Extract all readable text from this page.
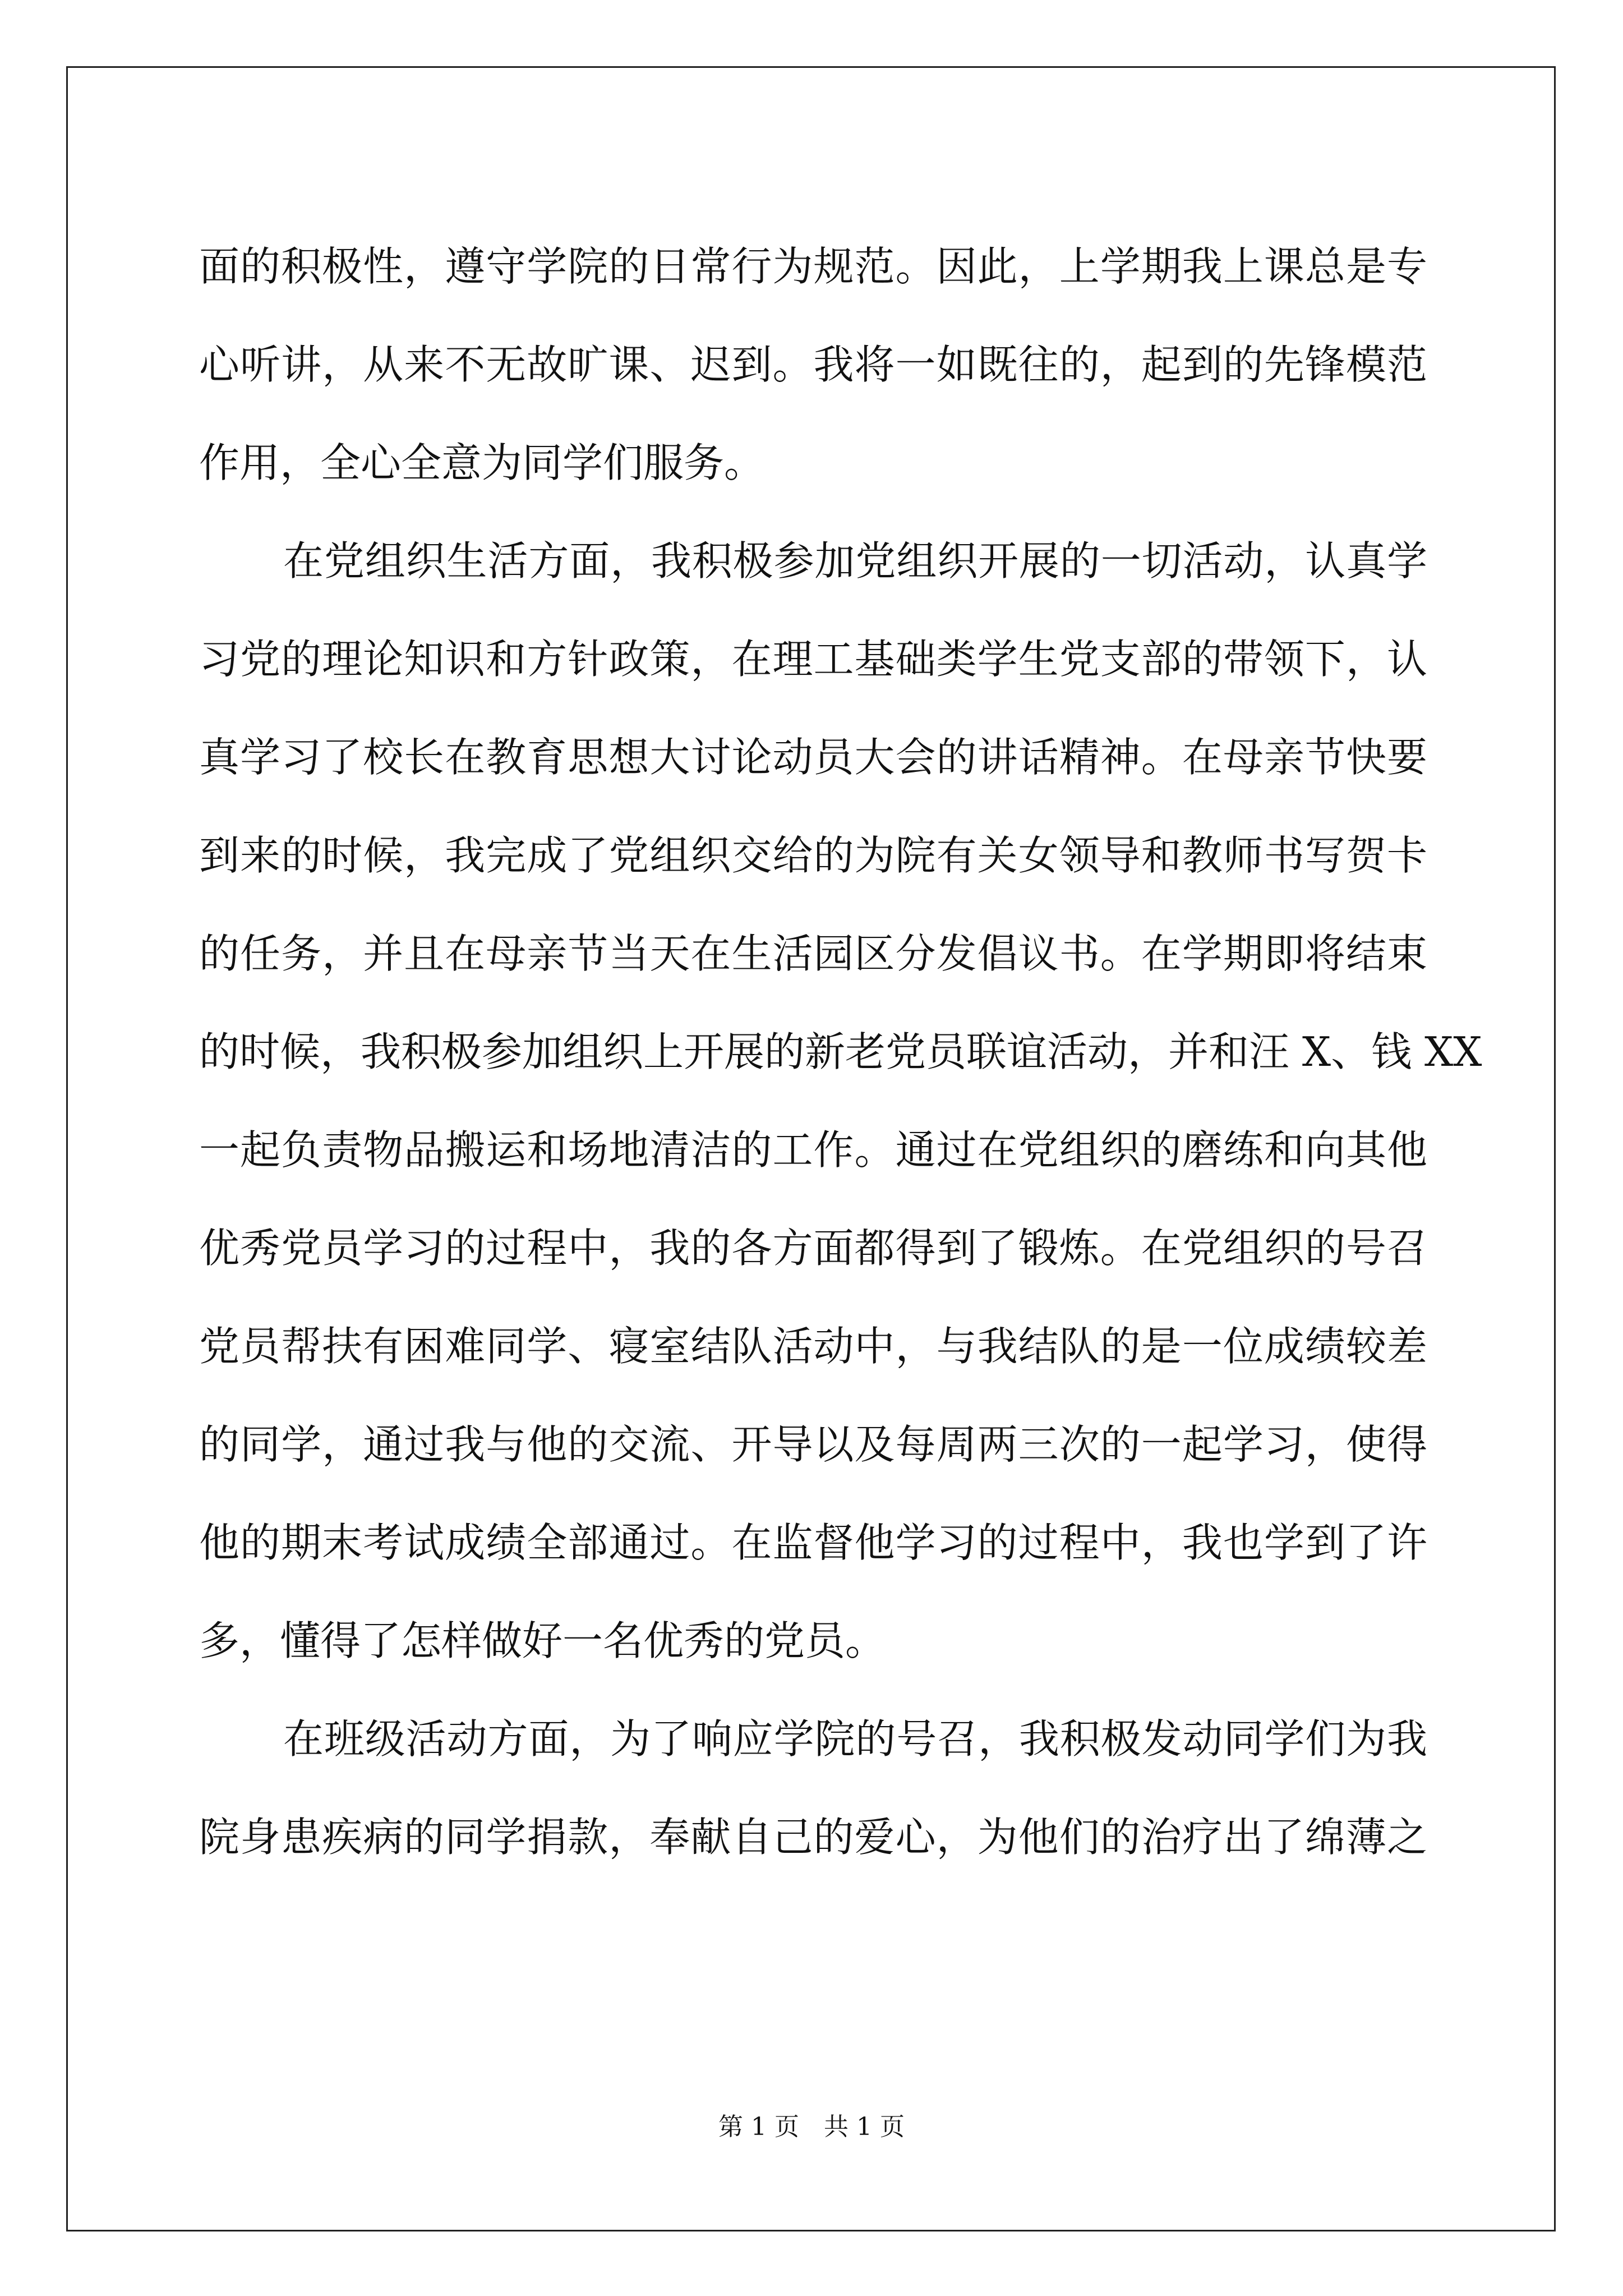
面的积极性，遵守学院的日常行为规范。因此，上学期我上课总是专
心听讲，从来不无故旷课、迟到。我将一如既往的，起到的先锋模范
作用，全心全意为同学们服务。
在党组织生活方面，我积极参加党组织开展的一切活动，认真学
习党的理论知识和方针政策，在理工基础类学生党支部的带领下，认
真学习了校长在教育思想大讨论动员大会的讲话精神。在母亲节快要
到来的时候，我完成了党组织交给的为院有关女领导和教师书写贺卡
的任务，并且在母亲节当天在生活园区分发倡议书。在学期即将结束
的时候，我积极参加组织上开展的新老党员联谊活动，并和汪 X、钱 XX
一起负责物品搬运和场地清洁的工作。通过在党组织的磨练和向其他
优秀党员学习的过程中，我的各方面都得到了锻炼。在党组织的号召
党员帮扶有困难同学、寝室结队活动中，与我结队的是一位成绩较差
的同学，通过我与他的交流、开导以及每周两三次的一起学习，使得
他的期末考试成绩全部通过。在监督他学习的过程中，我也学到了许
多，懂得了怎样做好一名优秀的党员。
在班级活动方面，为了响应学院的号召，我积极发动同学们为我
院身患疾病的同学捐款，奉献自己的爱心，为他们的治疗出了绵薄之
第 1 页　共 1 页
